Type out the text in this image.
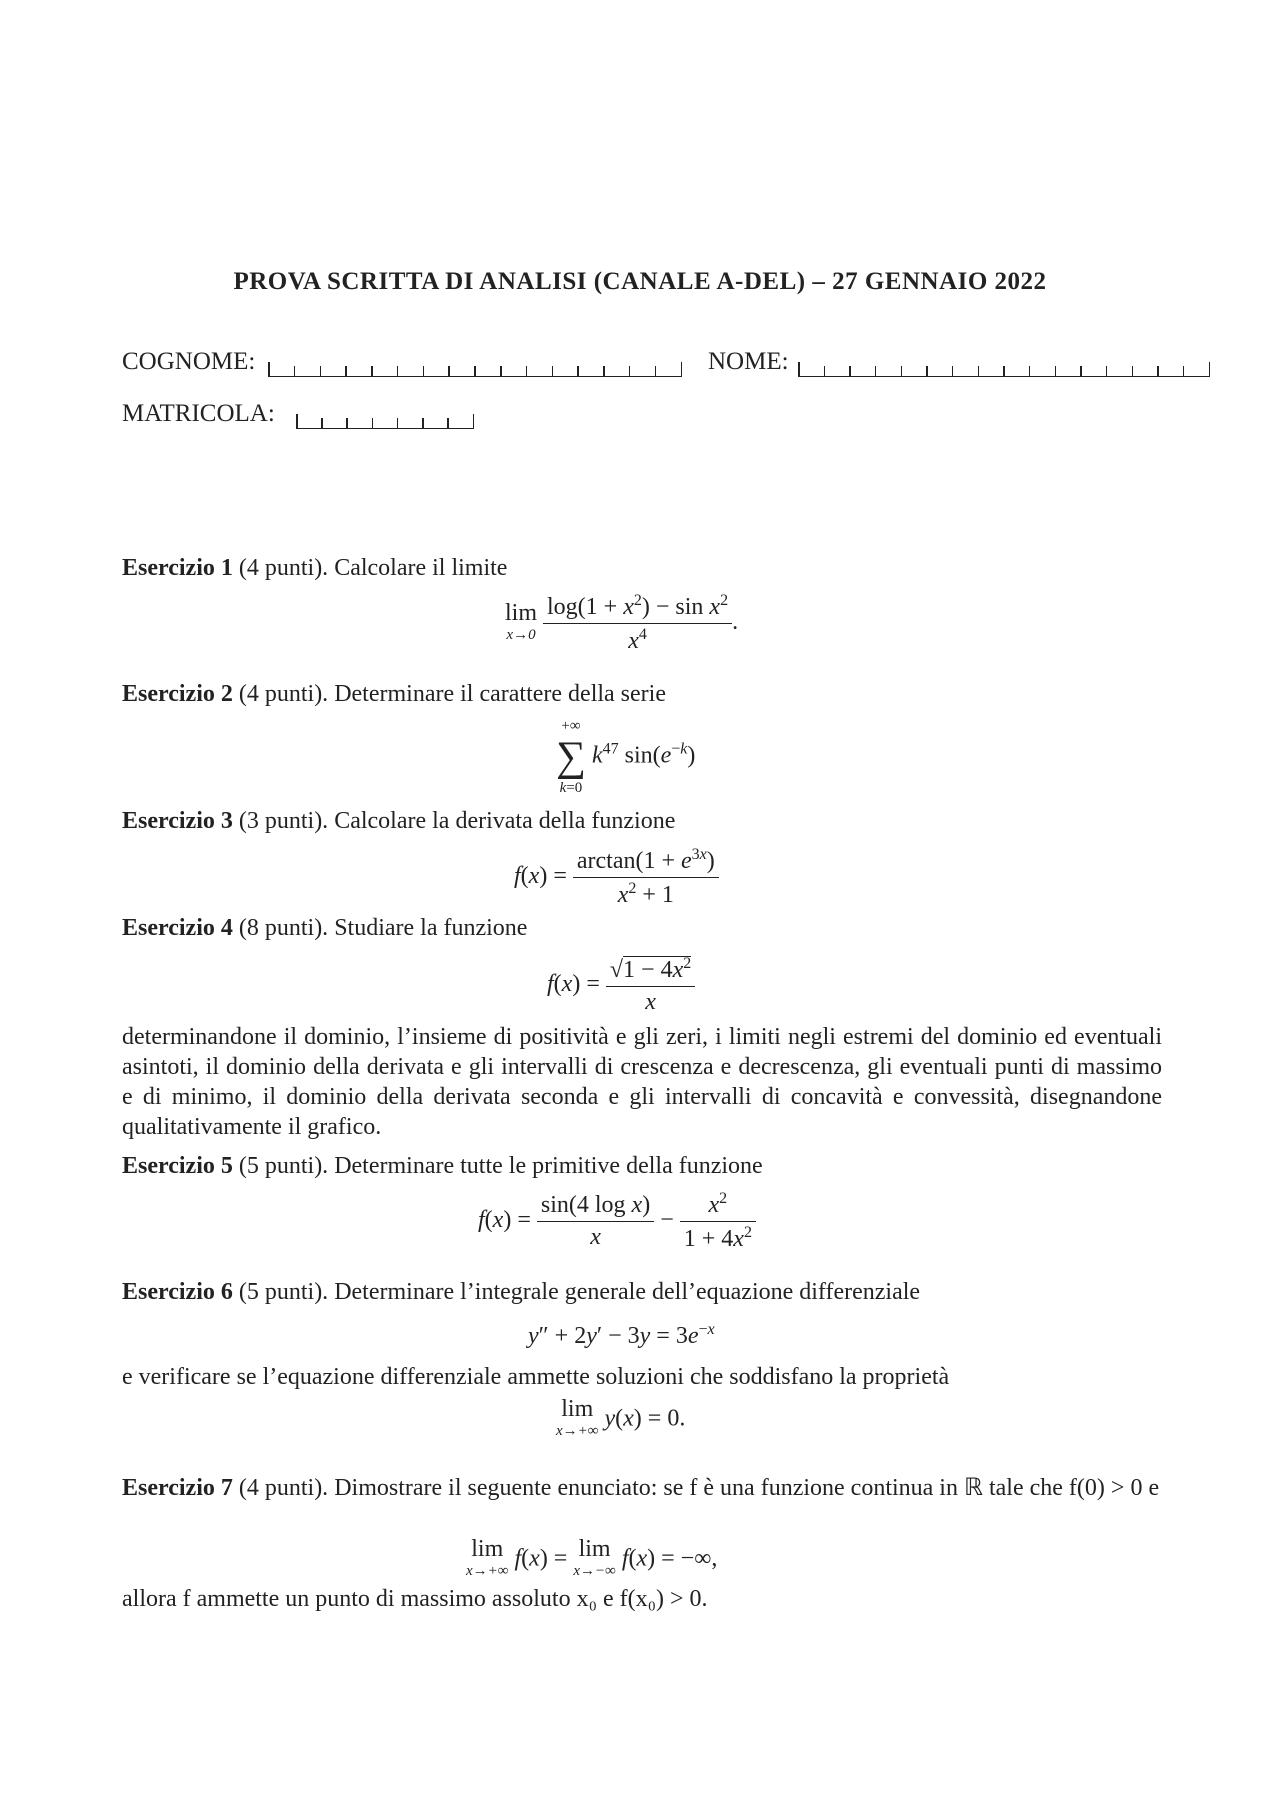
PROVA SCRITTA DI ANALISI (CANALE A-DEL) – 27 GENNAIO 2022
COGNOME:	NOME:
MATRICOLA:
Esercizio 1 (4 punti). Calcolare il limite
lim
x→0
$\frac{\log(1 + x^2) - \sin x^2}{x^4}$ .
Esercizio 2 (4 punti). Determinare il carattere della serie
+∞
∑
k=0
$k^{47}$ $\sin(e^{-k})$
Esercizio 3 (3 punti). Calcolare la derivata della funzione
$f(x) = \frac{\arctan(1 + e^{3x})}{x^2 + 1}$
Esercizio 4 (8 punti). Studiare la funzione
$f(x) = \frac{√1 - 4x^2}{x}$
determinandone il dominio, l’insieme di positività e gli zeri, i limiti negli estremi del dominio ed eventuali asintoti, il dominio della derivata e gli intervalli di crescenza e decrescenza, gli eventuali punti di massimo e di minimo, il dominio della derivata seconda e gli intervalli di concavità e convessità, disegnandone qualitativamente il grafico.
Esercizio 5 (5 punti). Determinare tutte le primitive della funzione
$f(x) = \frac{\text{sin(4 log x)}}{x} - \frac{x^2}{1 + 4x^2}$
Esercizio 6 (5 punti). Determinare l’integrale generale dell’equazione differenziale
$y'' + 2y' - 3y = 3e^{-x}$
e verificare se l’equazione differenziale ammette soluzioni che soddisfano la proprietà
lim
x→+∞ y(x) = 0.
Esercizio 7 (4 punti). Dimostrare il seguente enunciato: se f è una funzione continua in ℝ tale che f(0) > 0 e
lim
x→+∞ f(x) = lim
x→−∞ f(x) = −∞,
allora f ammette un punto di massimo assoluto x₀ e f(x₀) > 0.
